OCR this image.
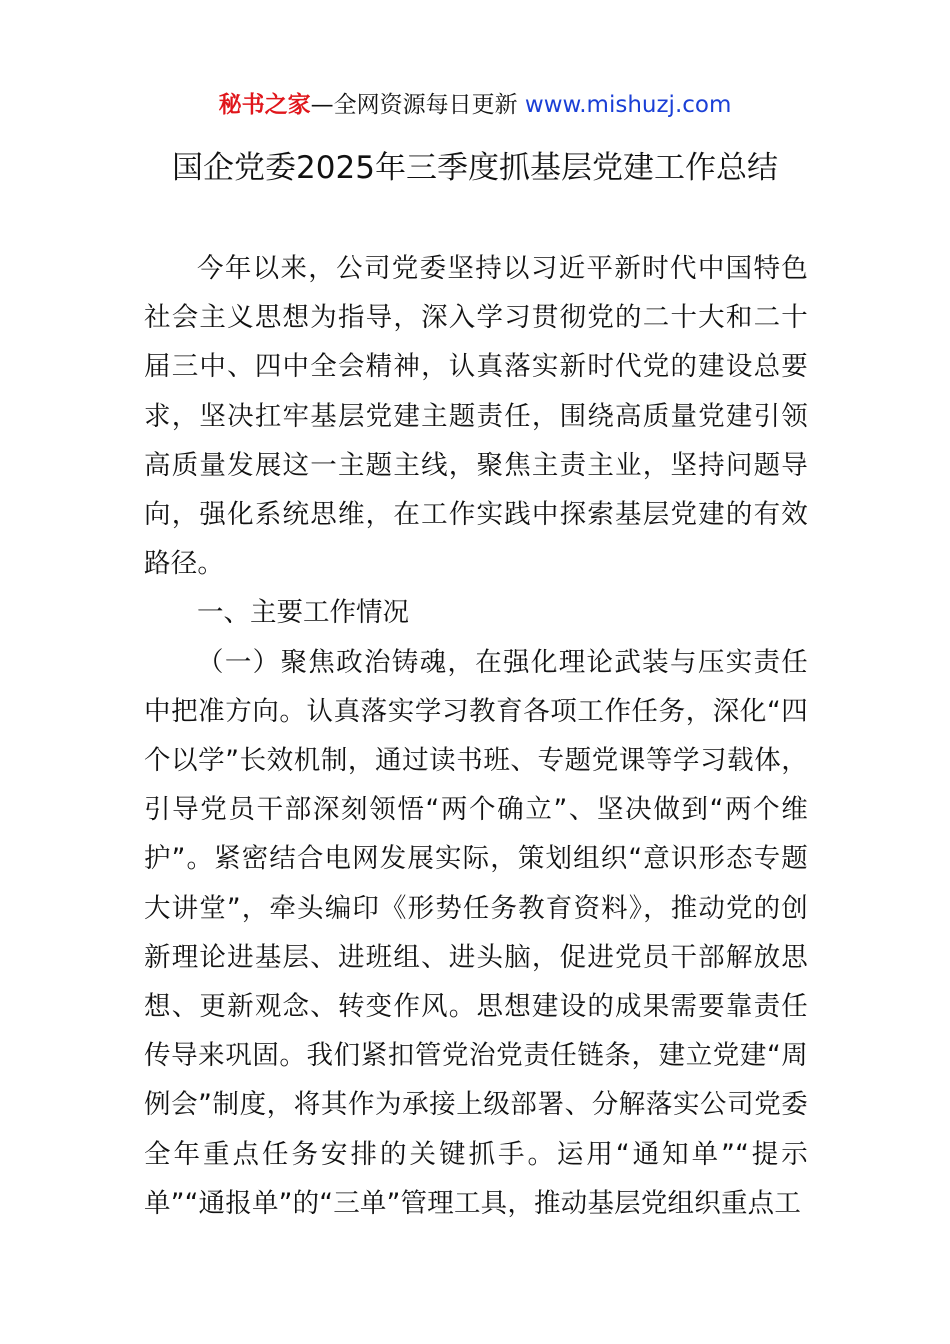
秘书之家—全网资源每日更新 www.mishuzj.com
国企党委2025年三季度抓基层党建工作总结

今年以来，公司党委坚持以习近平新时代中国特色社会主义思想为指导，深入学习贯彻党的二十大和二十届三中、四中全会精神，认真落实新时代党的建设总要求，坚决扛牢基层党建主题责任，围绕高质量党建引领高质量发展这一主题主线，聚焦主责主业，坚持问题导向，强化系统思维，在工作实践中探索基层党建的有效路径。

一、主要工作情况

（一）聚焦政治铸魂，在强化理论武装与压实责任中把准方向。认真落实学习教育各项工作任务，深化“四个以学”长效机制，通过读书班、专题党课等学习载体，引导党员干部深刻领悟“两个确立”、坚决做到“两个维护”。紧密结合电网发展实际，策划组织“意识形态专题大讲堂”，牵头编印《形势任务教育资料》，推动党的创新理论进基层、进班组、进头脑，促进党员干部解放思想、更新观念、转变作风。思想建设的成果需要靠责任传导来巩固。我们紧扣管党治党责任链条，建立党建“周例会”制度，将其作为承接上级部署、分解落实公司党委全年重点任务安排的关键抓手。运用“通知单”“提示单”“通报单”的“三单”管理工具，推动基层党组织重点工
